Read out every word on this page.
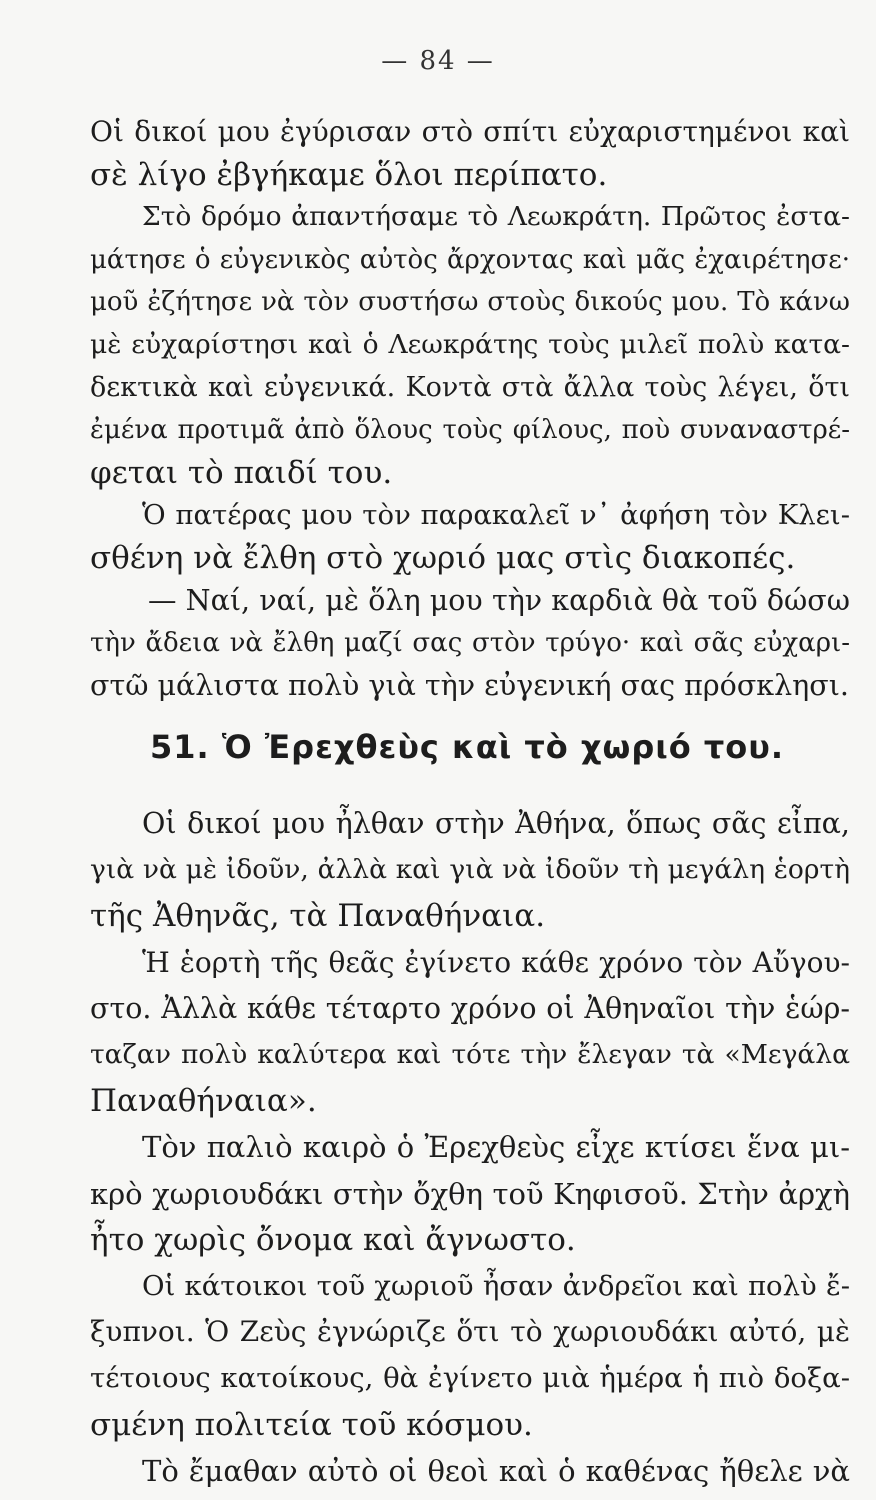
— 84 —
51. Ὁ Ἐρεχθεὺς καὶ τὸ χωριό του.
Οἱ δικοί μου ἐγύρισαν στὸ σπίτι εὐχαριστημένοι καὶ
σὲ λίγο ἐβγήκαμε ὅλοι περίπατο.
Στὸ δρόμο ἀπαντήσαμε τὸ Λεωκράτη. Πρῶτος ἐστα-
μάτησε ὁ εὐγενικὸς αὐτὸς ἄρχοντας καὶ μᾶς ἐχαιρέτησε·
μοῦ ἐζήτησε νὰ τὸν συστήσω στοὺς δικούς μου. Τὸ κάνω
μὲ εὐχαρίστησι καὶ ὁ Λεωκράτης τοὺς μιλεῖ πολὺ κατα-
δεκτικὰ καὶ εὐγενικά. Κοντὰ στὰ ἄλλα τοὺς λέγει, ὅτι
ἐμένα προτιμᾶ ἀπὸ ὅλους τοὺς φίλους, ποὺ συναναστρέ-
φεται τὸ παιδί του.
Ὁ πατέρας μου τὸν παρακαλεῖ ν᾽ ἀφήση τὸν Κλει-
σθένη νὰ ἔλθη στὸ χωριό μας στὶς διακοπές.
— Ναί, ναί, μὲ ὅλη μου τὴν καρδιὰ θὰ τοῦ δώσω
τὴν ἄδεια νὰ ἔλθη μαζί σας στὸν τρύγο· καὶ σᾶς εὐχαρι-
στῶ μάλιστα πολὺ γιὰ τὴν εὐγενική σας πρόσκλησι.
Οἱ δικοί μου ἦλθαν στὴν Ἀθήνα, ὅπως σᾶς εἶπα,
γιὰ νὰ μὲ ἰδοῦν, ἀλλὰ καὶ γιὰ νὰ ἰδοῦν τὴ μεγάλη ἑορτὴ
τῆς Ἀθηνᾶς, τὰ Παναθήναια.
Ἡ ἑορτὴ τῆς θεᾶς ἐγίνετο κάθε χρόνο τὸν Αὔγου-
στο. Ἀλλὰ κάθε τέταρτο χρόνο οἱ Ἀθηναῖοι τὴν ἑώρ-
ταζαν πολὺ καλύτερα καὶ τότε τὴν ἔλεγαν τὰ «Μεγάλα
Παναθήναια».
Τὸν παλιὸ καιρὸ ὁ Ἐρεχθεὺς εἶχε κτίσει ἕνα μι-
κρὸ χωριουδάκι στὴν ὄχθη τοῦ Κηφισοῦ. Στὴν ἀρχὴ
ἦτο χωρὶς ὄνομα καὶ ἄγνωστο.
Οἱ κάτοικοι τοῦ χωριοῦ ἦσαν ἀνδρεῖοι καὶ πολὺ ἔ-
ξυπνοι. Ὁ Ζεὺς ἐγνώριζε ὅτι τὸ χωριουδάκι αὐτό, μὲ
τέτοιους κατοίκους, θὰ ἐγίνετο μιὰ ἡμέρα ἡ πιὸ δοξα-
σμένη πολιτεία τοῦ κόσμου.
Τὸ ἔμαθαν αὐτὸ οἱ θεοὶ καὶ ὁ καθένας ἤθελε νὰ
